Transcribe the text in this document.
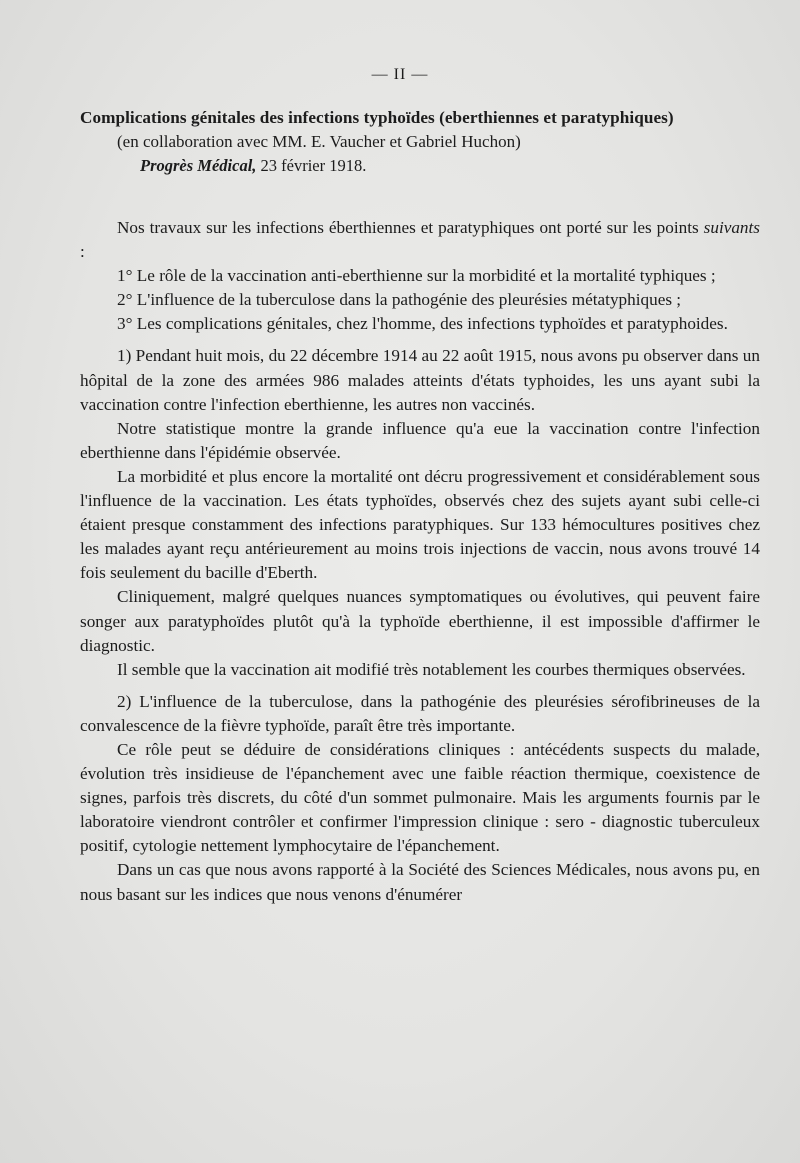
— II —

Complications génitales des infections typhoïdes (eberthiennes et paratyphiques)

(en collaboration avec MM. E. Vaucher et Gabriel Huchon)

Progrès Médical, 23 février 1918.

Nos travaux sur les infections éberthiennes et paratyphiques ont porté sur les points suivants :

1° Le rôle de la vaccination anti-eberthienne sur la morbidité et la mortalité typhiques ;

2° L'influence de la tuberculose dans la pathogénie des pleurésies métatyphiques ;

3° Les complications génitales, chez l'homme, des infections typhoïdes et paratyphoides.

1) Pendant huit mois, du 22 décembre 1914 au 22 août 1915, nous avons pu observer dans un hôpital de la zone des armées 986 malades atteints d'états typhoides, les uns ayant subi la vaccination contre l'infection eberthienne, les autres non vaccinés.

Notre statistique montre la grande influence qu'a eue la vaccination contre l'infection eberthienne dans l'épidémie observée.

La morbidité et plus encore la mortalité ont décru progressivement et considérablement sous l'influence de la vaccination. Les états typhoïdes, observés chez des sujets ayant subi celle-ci étaient presque constamment des infections paratyphiques. Sur 133 hémocultures positives chez les malades ayant reçu antérieurement au moins trois injections de vaccin, nous avons trouvé 14 fois seulement du bacille d'Eberth.

Cliniquement, malgré quelques nuances symptomatiques ou évolutives, qui peuvent faire songer aux paratyphoïdes plutôt qu'à la typhoïde eberthienne, il est impossible d'affirmer le diagnostic.

Il semble que la vaccination ait modifié très notablement les courbes thermiques observées.

2) L'influence de la tuberculose, dans la pathogénie des pleurésies sérofibrineuses de la convalescence de la fièvre typhoïde, paraît être très importante.

Ce rôle peut se déduire de considérations cliniques : antécédents suspects du malade, évolution très insidieuse de l'épanchement avec une faible réaction thermique, coexistence de signes, parfois très discrets, du côté d'un sommet pulmonaire. Mais les arguments fournis par le laboratoire viendront contrôler et confirmer l'impression clinique : sero - diagnostic tuberculeux positif, cytologie nettement lymphocytaire de l'épanchement.

Dans un cas que nous avons rapporté à la Société des Sciences Médicales, nous avons pu, en nous basant sur les indices que nous venons d'énumérer
